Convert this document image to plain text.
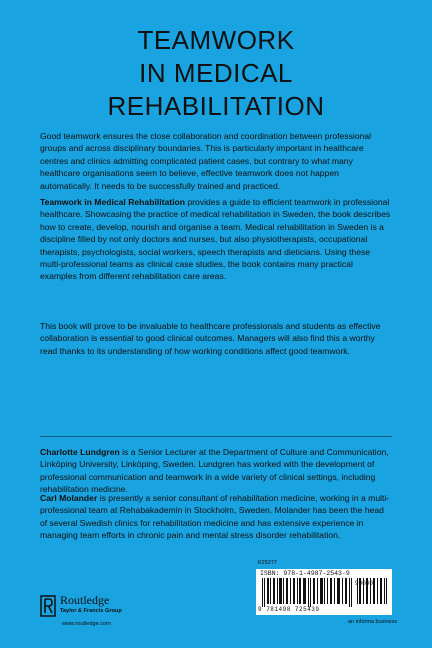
TEAMWORK
IN MEDICAL
REHABILITATION

Good teamwork ensures the close collaboration and coordination between professional groups and across disciplinary boundaries. This is particularly important in healthcare centres and clinics admitting complicated patient cases, but contrary to what many healthcare organisations seem to believe, effective teamwork does not happen automatically. It needs to be successfully trained and practiced.

Teamwork in Medical Rehabilitation provides a guide to efficient teamwork in professional healthcare. Showcasing the practice of medical rehabilitation in Sweden, the book describes how to create, develop, nourish and organise a team. Medical rehabilitation in Sweden is a discipline filled by not only doctors and nurses, but also physiotherapists, occupational therapists, psychologists, social workers, speech therapists and dieticians. Using these multi-professional teams as clinical case studies, the book contains many practical examples from different rehabilitation care areas.

This book will prove to be invaluable to healthcare professionals and students as effective collaboration is essential to good clinical outcomes. Managers will also find this a worthy read thanks to its understanding of how working conditions affect good teamwork.

Charlotte Lundgren is a Senior Lecturer at the Department of Culture and Communication, Linköping University, Linköping, Sweden. Lundgren has worked with the development of professional communication and teamwork in a wide variety of clinical settings, including rehabilitation medicine.

Carl Molander is presently a senior consultant of rehabilitation medicine, working in a multi-professional team at Rehabakademin in Stockholm, Sweden. Molander has been the head of several Swedish clinics for rehabilitation medicine and has extensive experience in managing team efforts in chronic pain and mental stress disorder rehabilitation.

Routledge
Taylor & Francis Group
www.routledge.com
K25277
ISBN: 978-1-4987-2543-9
90000
9 781498 725439
an informa business
